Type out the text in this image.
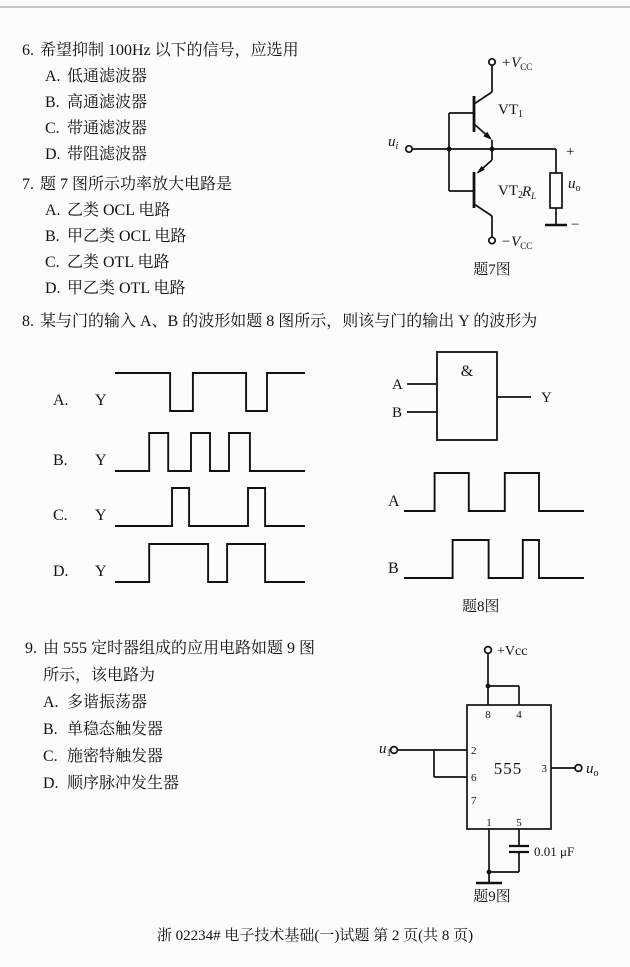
6. 希望抑制 100Hz 以下的信号，应选用
A. 低通滤波器
B. 高通滤波器
C. 带通滤波器
D. 带阻滤波器
7. 题 7 图所示功率放大电路是
A. 乙类 OCL 电路
B. 甲乙类 OCL 电路
C. 乙类 OTL 电路
D. 甲乙类 OTL 电路
$+V_{CC}$
$VT_1$
$VT_2$
$u_i$
$R_L$
+
$u_o$
−
$-V_{CC}$
题7图
8. 某与门的输入 A、B 的波形如题 8 图所示，则该与门的输出 Y 的波形为
A. Y
B. Y
C. Y
D. Y
&
A
B
Y
A
B
题8图
9. 由 555 定时器组成的应用电路如题 9 图
所示，该电路为
A. 多谐振荡器
B. 单稳态触发器
C. 施密特触发器
D. 顺序脉冲发生器
+Vcc
8 4
2
6
7
3
1 5
555
$u_1$
$u_o$
0.01 μF
题9图
浙 02234# 电子技术基础(一)试题 第 2 页(共 8 页)
